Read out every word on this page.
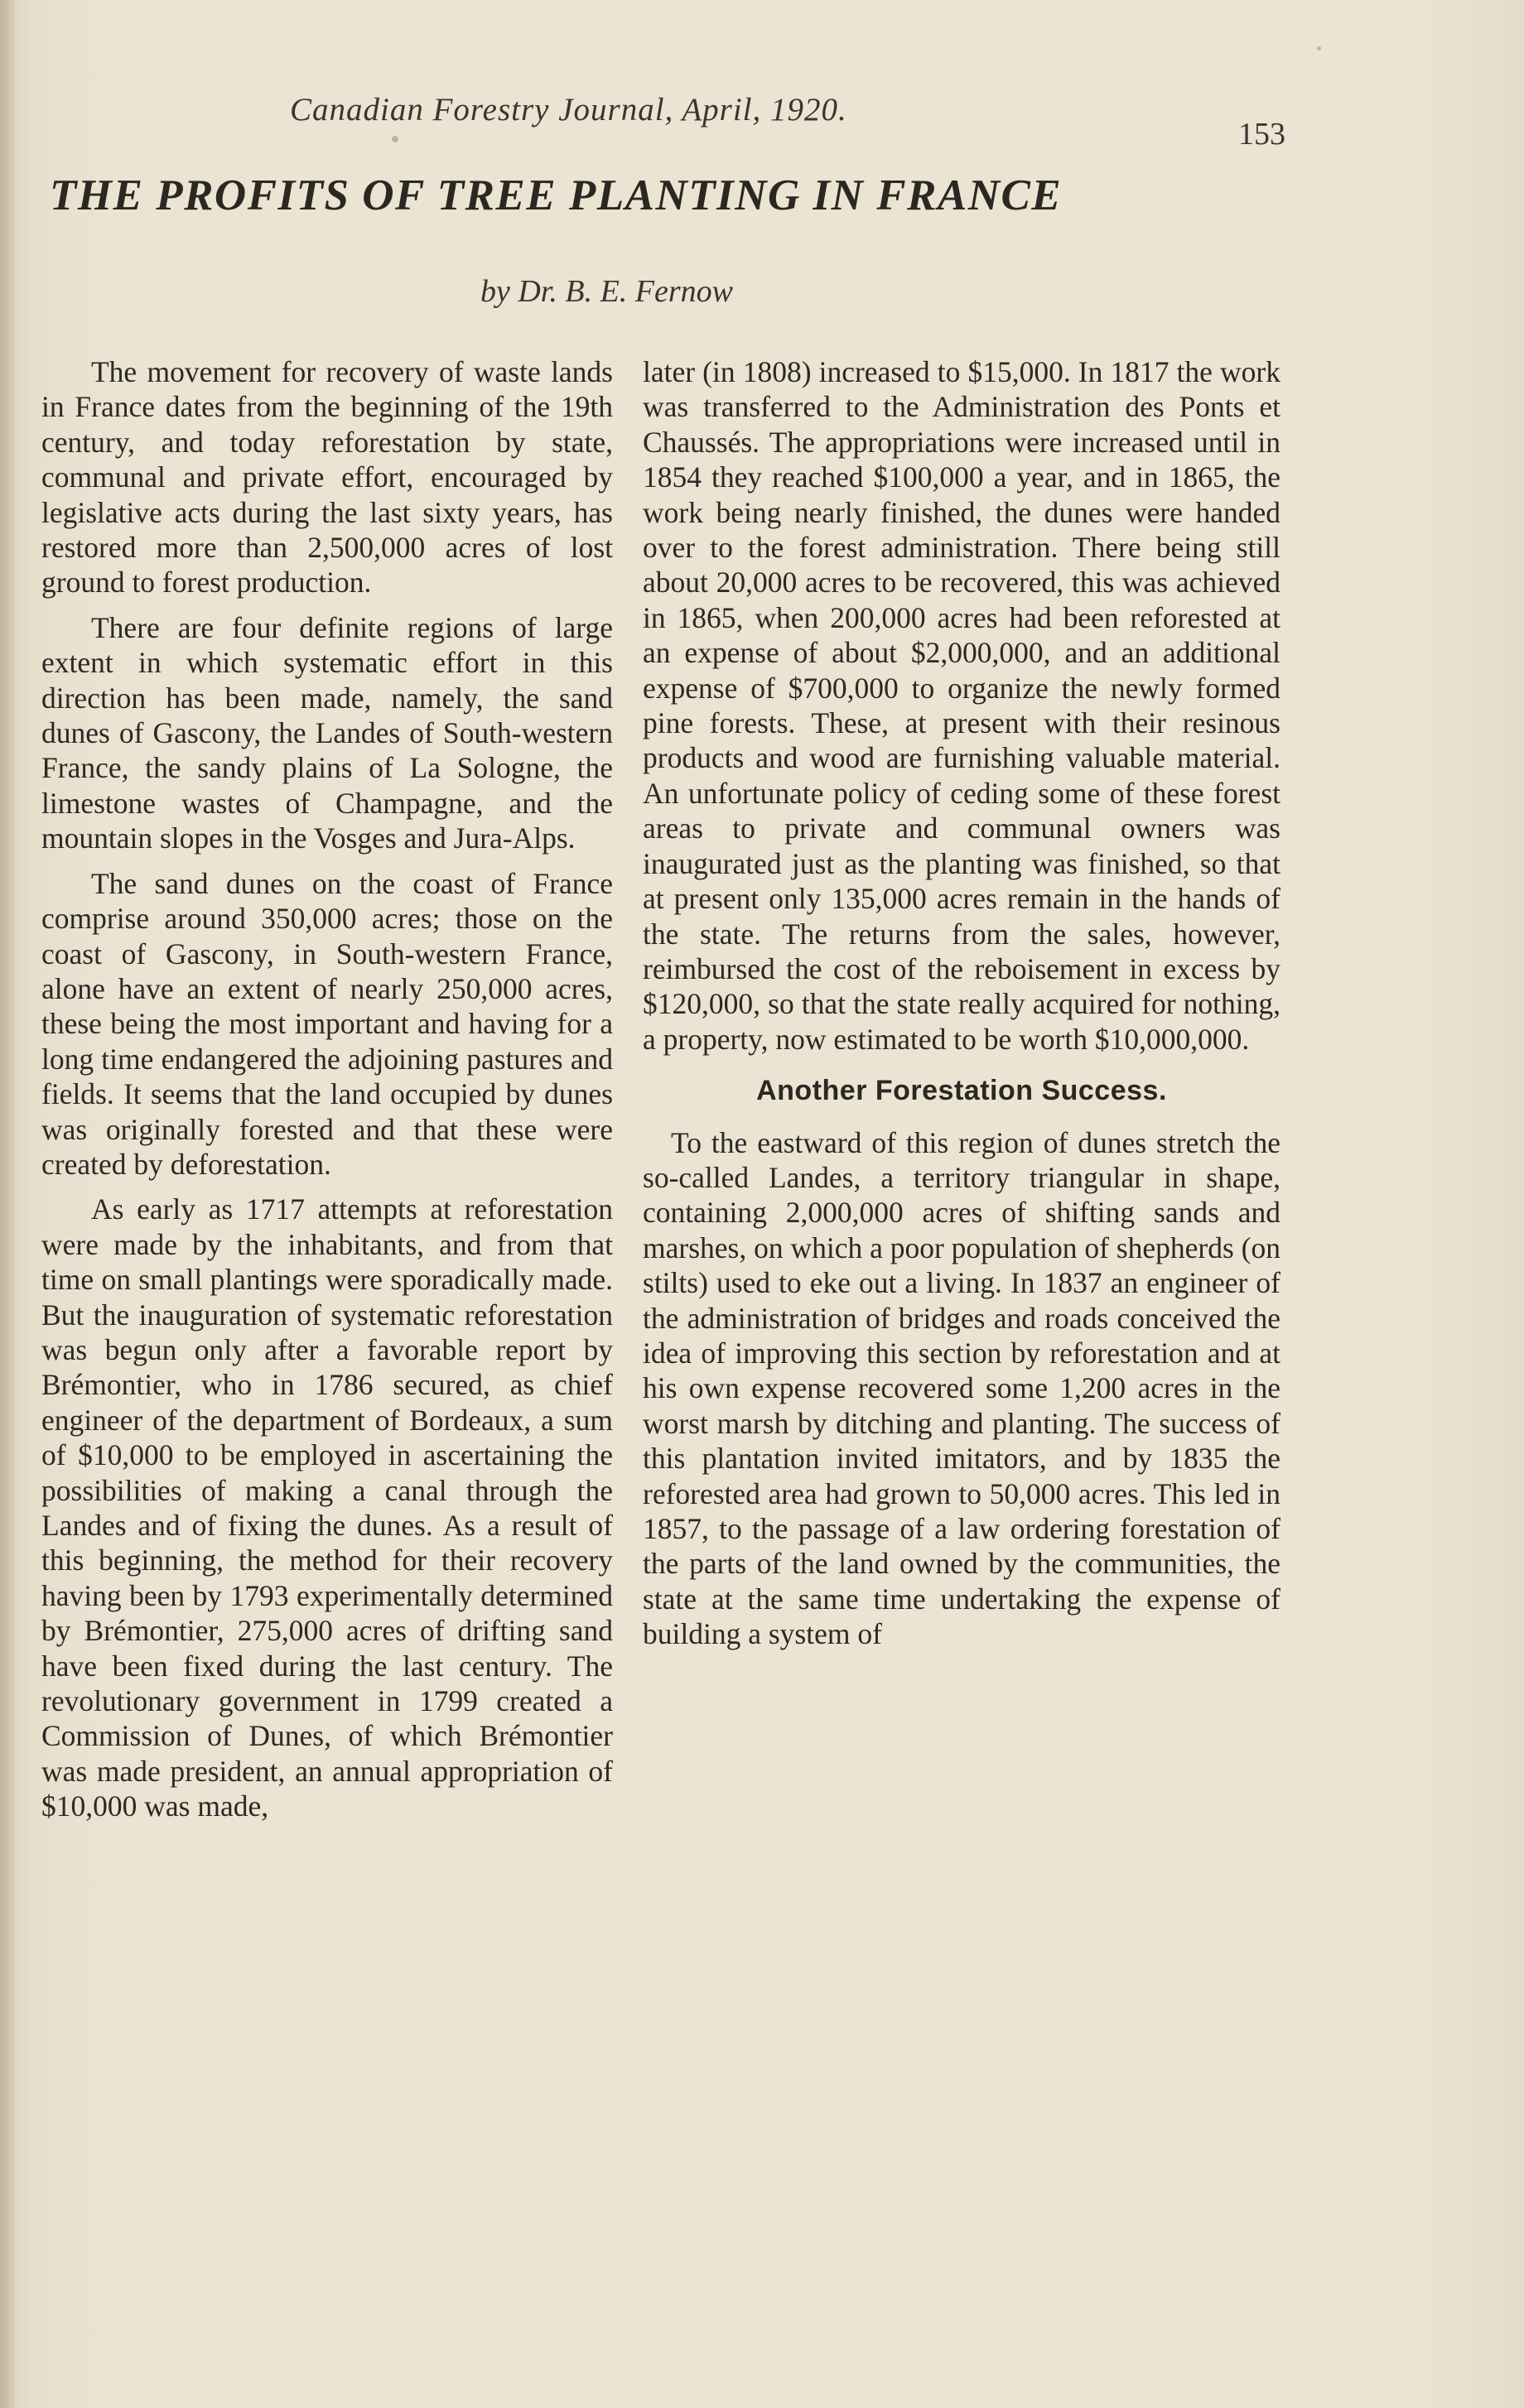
Canadian Forestry Journal, April, 1920.
153
THE PROFITS OF TREE PLANTING IN FRANCE
by Dr. B. E. Fernow

The movement for recovery of waste lands in France dates from the beginning of the 19th century, and today reforestation by state, communal and private effort, encouraged by legislative acts during the last sixty years, has restored more than 2,500,000 acres of lost ground to forest production.

There are four definite regions of large extent in which systematic effort in this direction has been made, namely, the sand dunes of Gascony, the Landes of South-western France, the sandy plains of La Sologne, the limestone wastes of Champagne, and the mountain slopes in the Vosges and Jura-Alps.

The sand dunes on the coast of France comprise around 350,000 acres; those on the coast of Gascony, in South-western France, alone have an extent of nearly 250,000 acres, these being the most important and having for a long time endangered the adjoining pastures and fields. It seems that the land occupied by dunes was originally forested and that these were created by deforestation.

As early as 1717 attempts at reforestation were made by the inhabitants, and from that time on small plantings were sporadically made. But the inauguration of systematic reforestation was begun only after a favorable report by Brémontier, who in 1786 secured, as chief engineer of the department of Bordeaux, a sum of $10,000 to be employed in ascertaining the possibilities of making a canal through the Landes and of fixing the dunes. As a result of this beginning, the method for their recovery having been by 1793 experimentally determined by Brémontier, 275,000 acres of drifting sand have been fixed during the last century. The revolutionary government in 1799 created a Commission of Dunes, of which Brémontier was made president, an annual appropriation of $10,000 was made,

later (in 1808) increased to $15,000. In 1817 the work was transferred to the Administration des Ponts et Chaussés. The appropriations were increased until in 1854 they reached $100,000 a year, and in 1865, the work being nearly finished, the dunes were handed over to the forest administration. There being still about 20,000 acres to be recovered, this was achieved in 1865, when 200,000 acres had been reforested at an expense of about $2,000,000, and an additional expense of $700,000 to organize the newly formed pine forests. These, at present with their resinous products and wood are furnishing valuable material. An unfortunate policy of ceding some of these forest areas to private and communal owners was inaugurated just as the planting was finished, so that at present only 135,000 acres remain in the hands of the state. The returns from the sales, however, reimbursed the cost of the reboisement in excess by $120,000, so that the state really acquired for nothing, a property, now estimated to be worth $10,000,000.

Another Forestation Success.

To the eastward of this region of dunes stretch the so-called Landes, a territory triangular in shape, containing 2,000,000 acres of shifting sands and marshes, on which a poor population of shepherds (on stilts) used to eke out a living. In 1837 an engineer of the administration of bridges and roads conceived the idea of improving this section by reforestation and at his own expense recovered some 1,200 acres in the worst marsh by ditching and planting. The success of this plantation invited imitators, and by 1835 the reforested area had grown to 50,000 acres. This led in 1857, to the passage of a law ordering forestation of the parts of the land owned by the communities, the state at the same time undertaking the expense of building a system of
